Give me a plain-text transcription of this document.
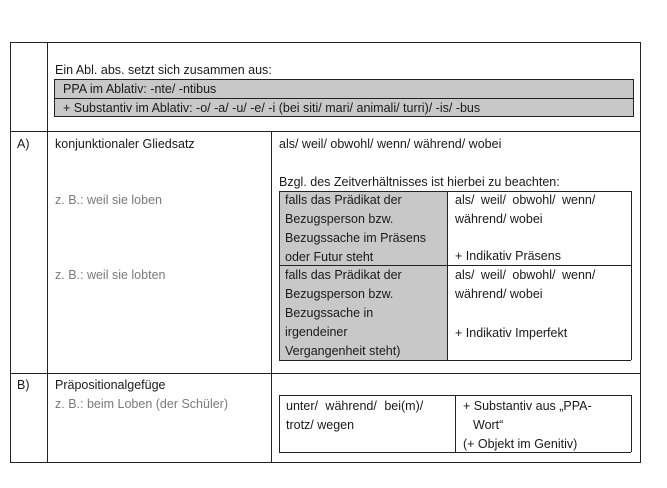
Ein Abl. abs. setzt sich zusammen aus:
PPA im Ablativ: -nte/ -ntibus
+ Substantiv im Ablativ: -o/ -a/ -u/ -e/ -i (bei siti/ mari/ animali/ turri)/ -is/ -bus
A) konjunktionaler Gliedsatz
z. B.: weil sie loben
z. B.: weil sie lobten
als/ weil/ obwohl/ wenn/ während/ wobei
Bzgl. des Zeitverhältnisses ist hierbei zu beachten:
falls das Prädikat der
Bezugsperson bzw.
Bezugssache im Präsens
oder Futur steht
als/ weil/ obwohl/ wenn/
während/ wobei
+ Indikativ Präsens
falls das Prädikat der
Bezugsperson bzw.
Bezugssache in
irgendeiner
Vergangenheit steht)
als/ weil/ obwohl/ wenn/
während/ wobei
+ Indikativ Imperfekt
B) Präpositionalgefüge
z. B.: beim Loben (der Schüler)	unter/ während/ bei(m)/
trotz/ wegen
+ Substantiv aus „PPA-
Wort“
(+ Objekt im Genitiv)
